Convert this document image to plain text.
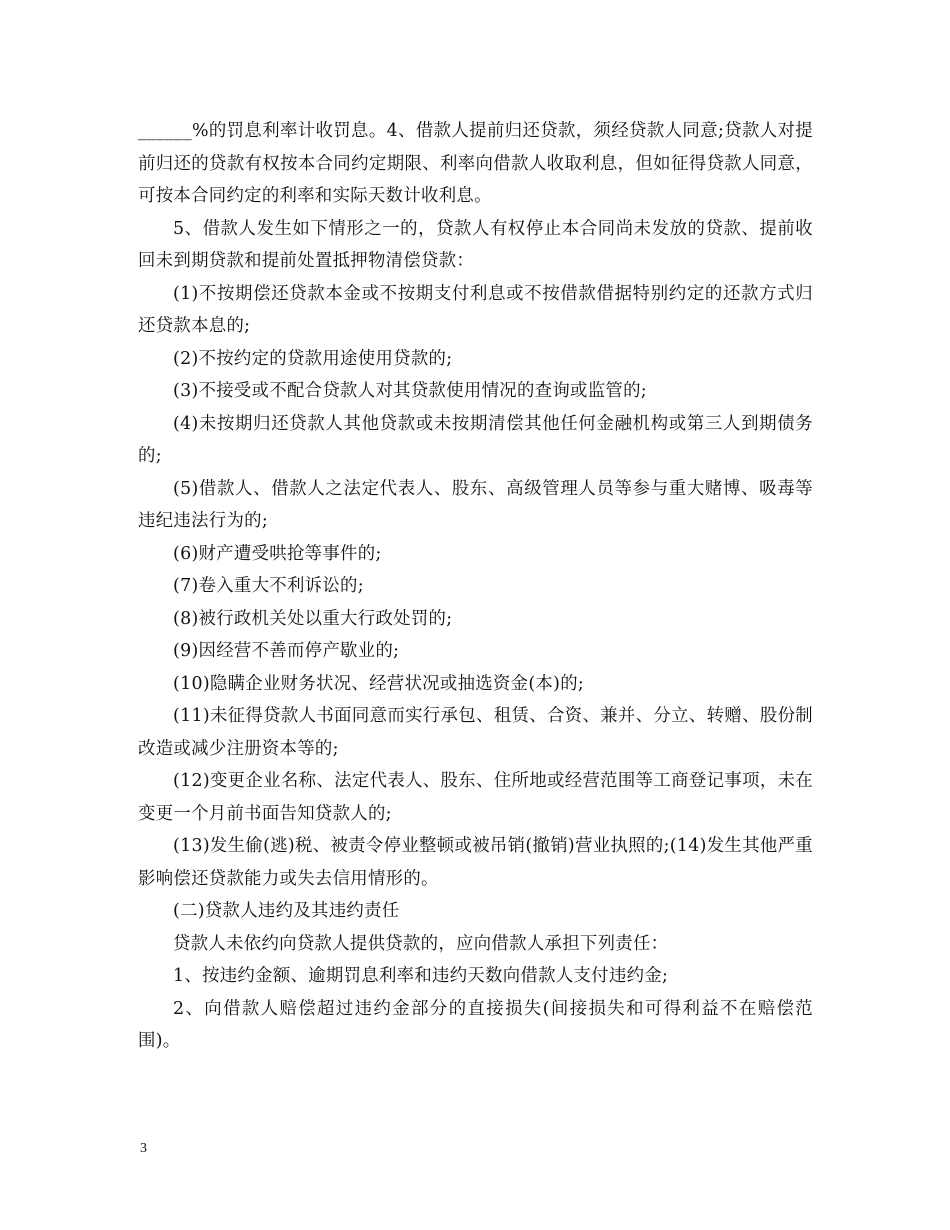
______%的罚息利率计收罚息。4、借款人提前归还贷款，须经贷款人同意;贷款人对提前归还的贷款有权按本合同约定期限、利率向借款人收取利息，但如征得贷款人同意，可按本合同约定的利率和实际天数计收利息。

5、借款人发生如下情形之一的，贷款人有权停止本合同尚未发放的贷款、提前收回未到期贷款和提前处置抵押物清偿贷款：

(1)不按期偿还贷款本金或不按期支付利息或不按借款借据特别约定的还款方式归还贷款本息的;

(2)不按约定的贷款用途使用贷款的;

(3)不接受或不配合贷款人对其贷款使用情况的查询或监管的;

(4)未按期归还贷款人其他贷款或未按期清偿其他任何金融机构或第三人到期债务的;

(5)借款人、借款人之法定代表人、股东、高级管理人员等参与重大赌博、吸毒等违纪违法行为的;

(6)财产遭受哄抢等事件的;

(7)卷入重大不利诉讼的;

(8)被行政机关处以重大行政处罚的;

(9)因经营不善而停产歇业的;

(10)隐瞒企业财务状况、经营状况或抽选资金(本)的;

(11)未征得贷款人书面同意而实行承包、租赁、合资、兼并、分立、转赠、股份制改造或减少注册资本等的;

(12)变更企业名称、法定代表人、股东、住所地或经营范围等工商登记事项，未在变更一个月前书面告知贷款人的;

(13)发生偷(逃)税、被责令停业整顿或被吊销(撤销)营业执照的;(14)发生其他严重影响偿还贷款能力或失去信用情形的。

(二)贷款人违约及其违约责任

贷款人未依约向贷款人提供贷款的，应向借款人承担下列责任：

1、按违约金额、逾期罚息利率和违约天数向借款人支付违约金;

2、向借款人赔偿超过违约金部分的直接损失(间接损失和可得利益不在赔偿范围)。

3
